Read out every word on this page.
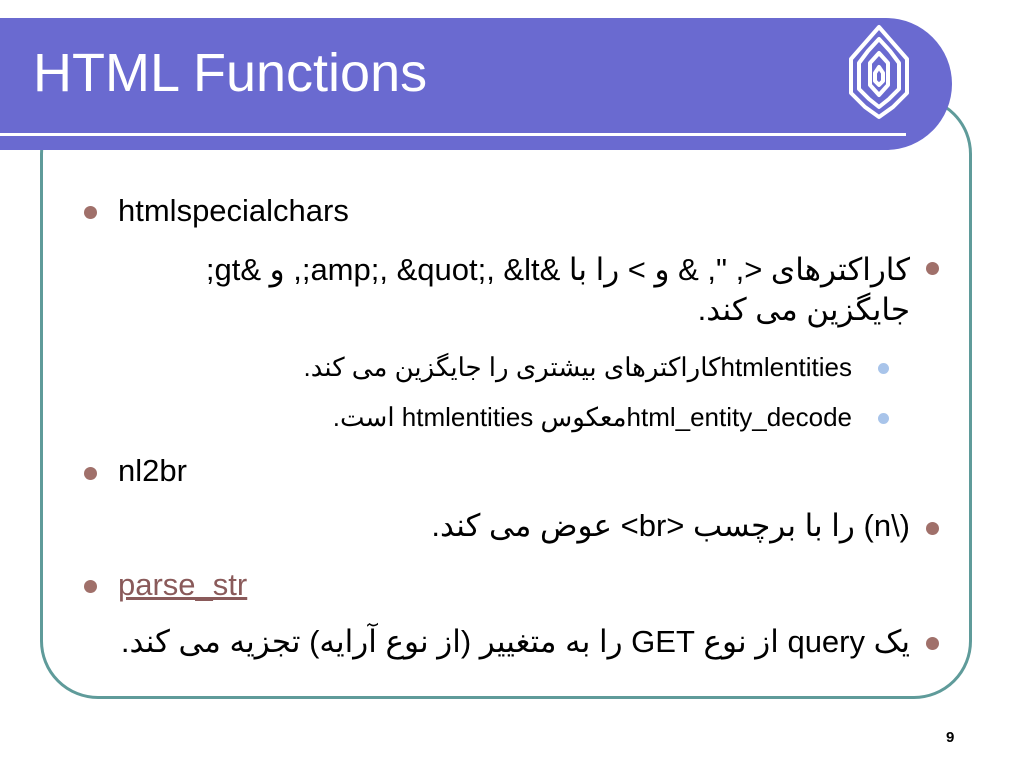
HTML Functions
htmlspecialchars
کاراکترهای <, ", & و > را با &amp;, &quot;, &lt;, و &gt; جایگزین می کند.
htmlentitiesکاراکترهای بیشتری را جایگزین می کند.
html_entity_decodeمعکوس htmlentities است.
nl2br
(\n) را با برچسب <br> عوض می کند.
parse_str
یک query از نوع GET را به متغییر (از نوع آرایه) تجزیه می کند.
9
